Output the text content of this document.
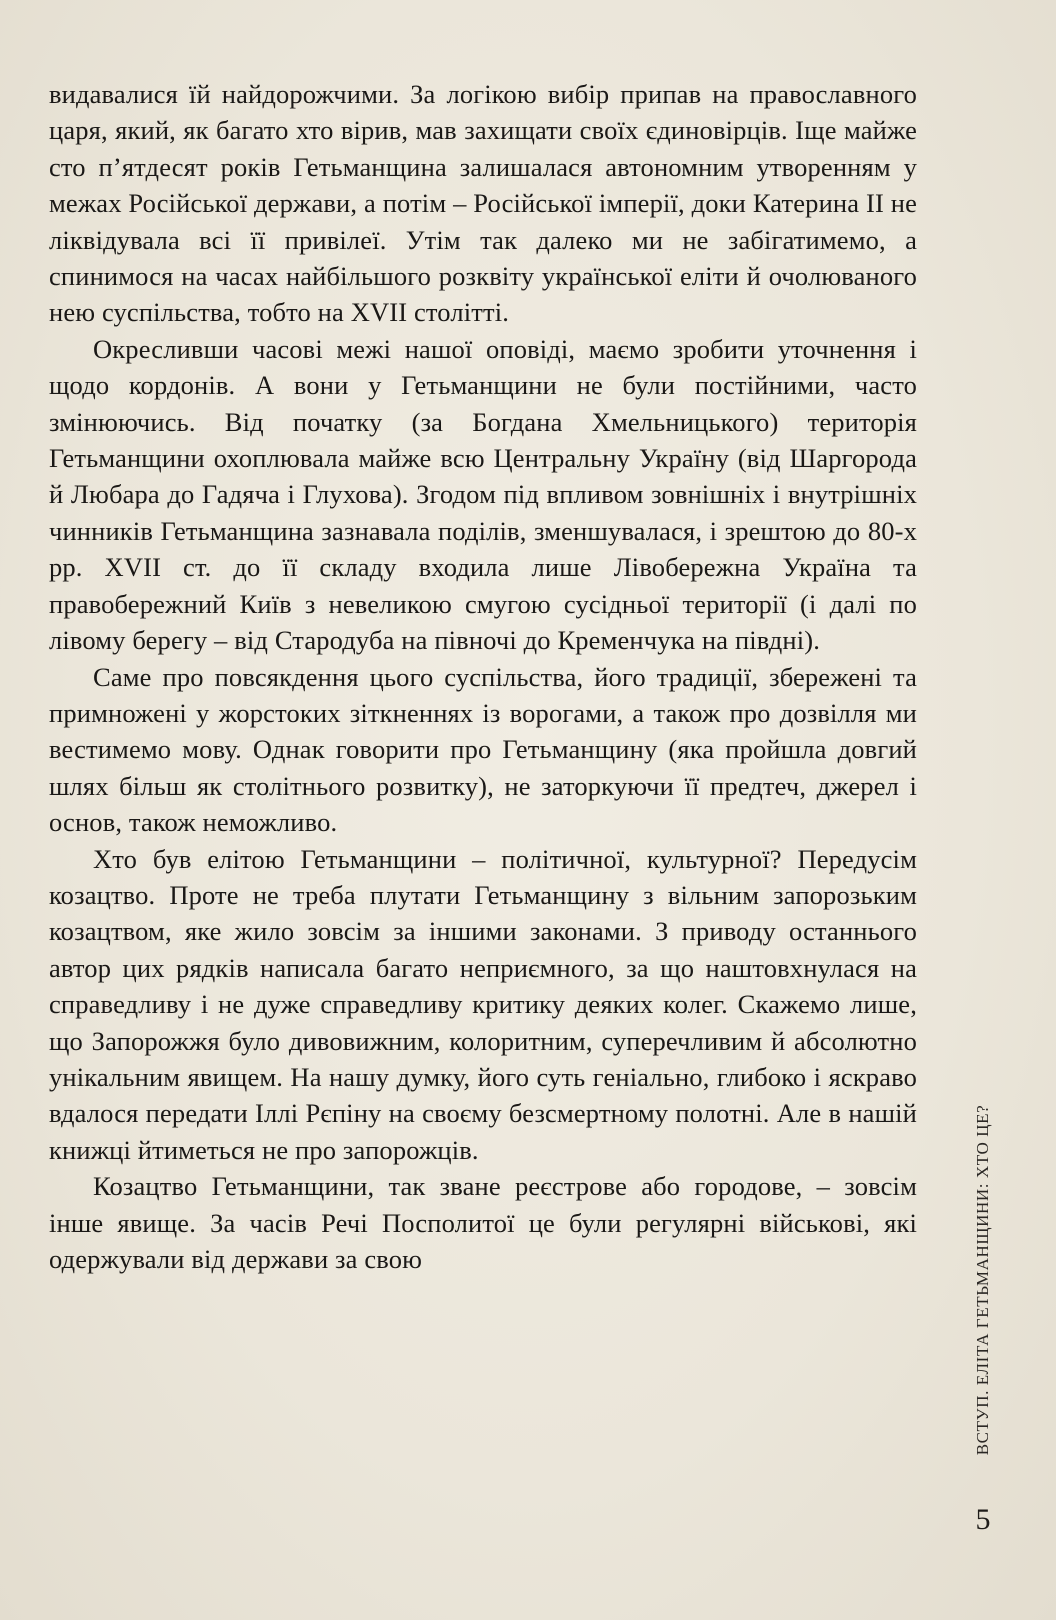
видавалися їй найдорожчими. За логікою вибір припав на православного царя, який, як багато хто вірив, мав захищати своїх єдиновірців. Іще майже сто п’ятдесят років Гетьманщина залишалася автономним утворенням у межах Російської держави, а потім – Російської імперії, доки Катерина II не ліквідувала всі її привілеї. Утім так далеко ми не забігатимемо, а спинимося на часах найбільшого розквіту української еліти й очолюваного нею суспільства, тобто на XVII столітті.

Окресливши часові межі нашої оповіді, маємо зробити уточнення і щодо кордонів. А вони у Гетьманщини не були постійними, часто змінюючись. Від початку (за Богдана Хмельницького) територія Гетьманщини охоплювала майже всю Центральну Україну (від Шаргорода й Любара до Гадяча і Глухова). Згодом під впливом зовнішніх і внутрішніх чинників Гетьманщина зазнавала поділів, зменшувалася, і зрештою до 80-х рр. XVII ст. до її складу входила лише Лівобережна Україна та правобережний Київ з невеликою смугою сусідньої території (і далі по лівому берегу – від Стародуба на півночі до Кременчука на півдні).

Саме про повсякдення цього суспільства, його традиції, збережені та примножені у жорстоких зіткненнях із ворогами, а також про дозвілля ми вестимемо мову. Однак говорити про Гетьманщину (яка пройшла довгий шлях більш як столітнього розвитку), не заторкуючи її предтеч, джерел і основ, також неможливо.

Хто був елітою Гетьманщини – політичної, культурної? Передусім козацтво. Проте не треба плутати Гетьманщину з вільним запорозьким козацтвом, яке жило зовсім за іншими законами. З приводу останнього автор цих рядків написала багато неприємного, за що наштовхнулася на справедливу і не дуже справедливу критику деяких колег. Скажемо лише, що Запорожжя було дивовижним, колоритним, суперечливим й абсолютно унікальним явищем. На нашу думку, його суть геніально, глибоко і яскраво вдалося передати Іллі Рєпіну на своєму безсмертному полотні. Але в нашій книжці йтиметься не про запорожців.

Козацтво Гетьманщини, так зване реєстрове або городове, – зовсім інше явище. За часів Речі Посполитої це були регулярні військові, які одержували від держави за свою	ВСТУП. ЕЛІТА ГЕТЬМАНЩИНИ: ХТО ЦЕ?
5
